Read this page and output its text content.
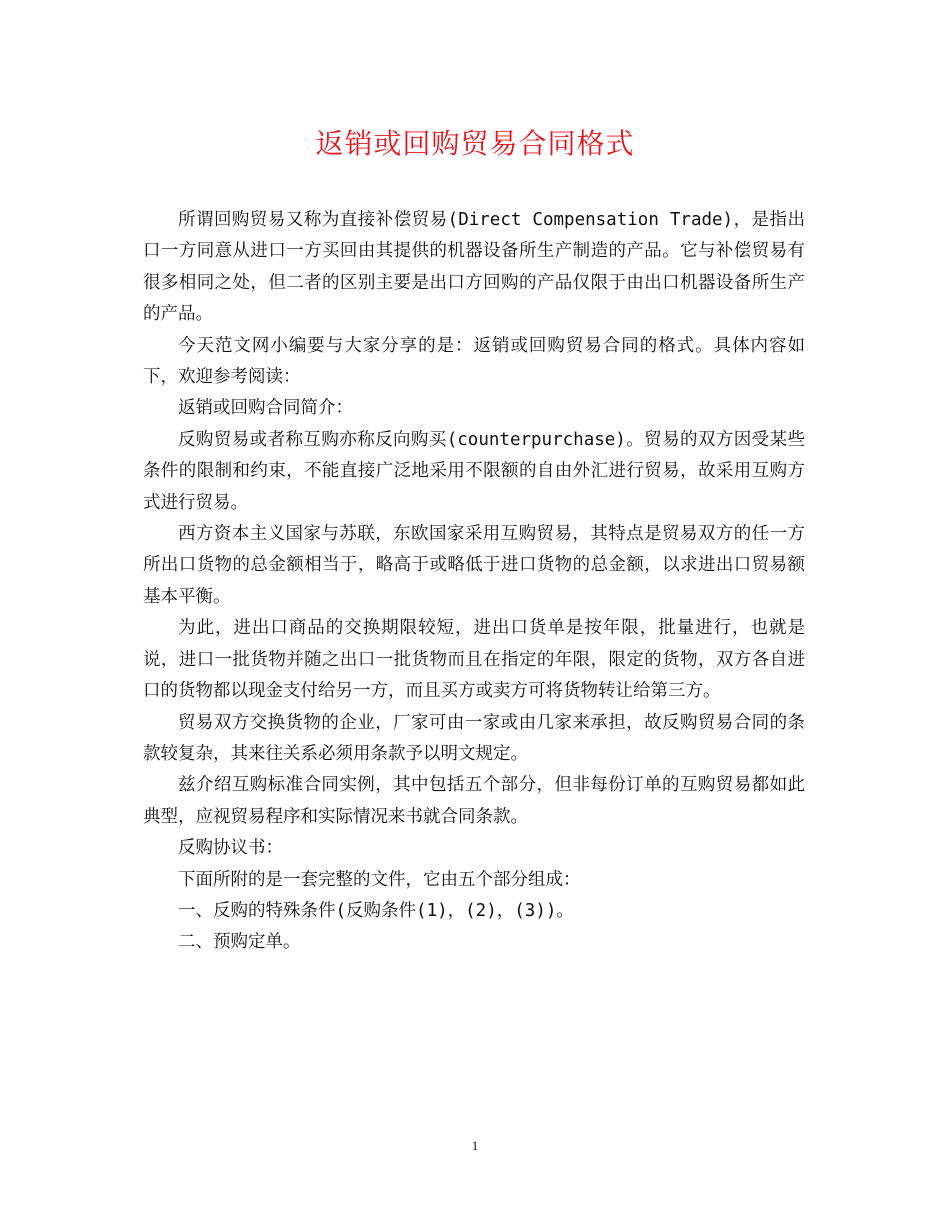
返销或回购贸易合同格式

所谓回购贸易又称为直接补偿贸易(Direct Compensation Trade)，是指出口一方同意从进口一方买回由其提供的机器设备所生产制造的产品。它与补偿贸易有很多相同之处，但二者的区别主要是出口方回购的产品仅限于由出口机器设备所生产的产品。

今天范文网小编要与大家分享的是：返销或回购贸易合同的格式。具体内容如下，欢迎参考阅读：

返销或回购合同简介：

反购贸易或者称互购亦称反向购买(counterpurchase)。贸易的双方因受某些条件的限制和约束，不能直接广泛地采用不限额的自由外汇进行贸易，故采用互购方式进行贸易。

西方资本主义国家与苏联，东欧国家采用互购贸易，其特点是贸易双方的任一方所出口货物的总金额相当于，略高于或略低于进口货物的总金额，以求进出口贸易额基本平衡。

为此，进出口商品的交换期限较短，进出口货单是按年限，批量进行，也就是说，进口一批货物并随之出口一批货物而且在指定的年限，限定的货物，双方各自进口的货物都以现金支付给另一方，而且买方或卖方可将货物转让给第三方。

贸易双方交换货物的企业，厂家可由一家或由几家来承担，故反购贸易合同的条款较复杂，其来往关系必须用条款予以明文规定。

兹介绍互购标准合同实例，其中包括五个部分，但非每份订单的互购贸易都如此典型，应视贸易程序和实际情况来书就合同条款。

反购协议书：

下面所附的是一套完整的文件，它由五个部分组成：

一、反购的特殊条件(反购条件(1)，(2)，(3))。

二、预购定单。

1
